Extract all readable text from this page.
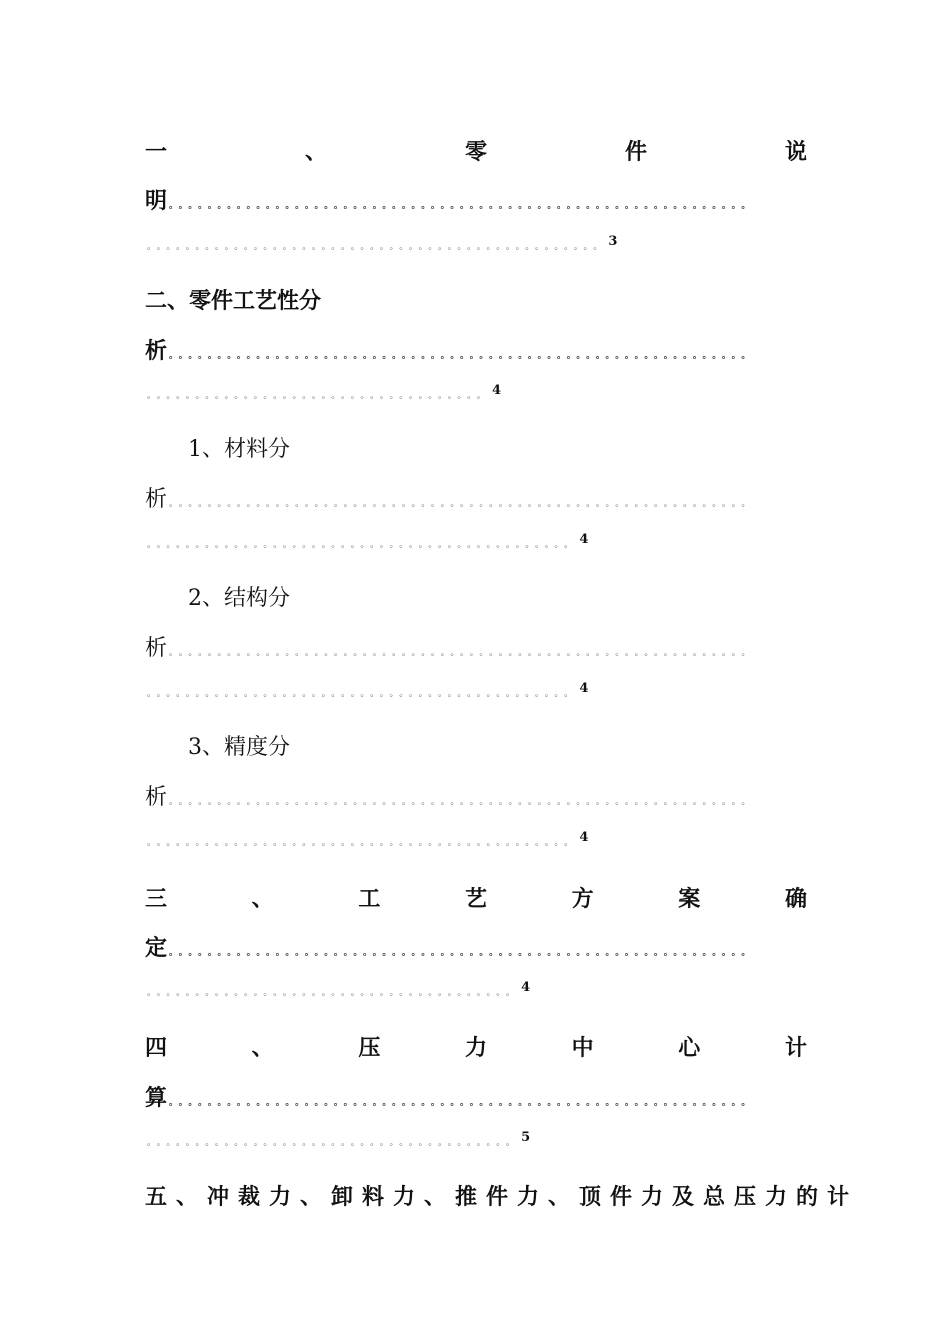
一	、	零	件	说
明 。。。。。。。。。。。。。。。。。。。。。。。。。。。。。。。。。。。。。。。。。。。。。。。。。。。。。。。。。。。。
。。。。。。。。。。。。。。。。。。。。。。。。。。。。。。。。。。。。。。。。。。。。。。。 3
二、零件工艺性分
析 。。。。。。。。。。。。。。。。。。。。。。。。。。。。。。。。。。。。。。。。。。。。。。。。。。。。。。。。。。。。
。。。。。。。。。。。。。。。。。。。。。。。。。。。。。。。。。。。 4
1、材料分
析 。。。。。。。。。。。。。。。。。。。。。。。。。。。。。。。。。。。。。。。。。。。。。。。。。。。。。。。。。。。。
。。。。。。。。。。。。。。。。。。。。。。。。。。。。。。。。。。。。。。。。。。。。 4
2、结构分
析 。。。。。。。。。。。。。。。。。。。。。。。。。。。。。。。。。。。。。。。。。。。。。。。。。。。。。。。。。。。。
。。。。。。。。。。。。。。。。。。。。。。。。。。。。。。。。。。。。。。。。。。。。 4
3、精度分
析 。。。。。。。。。。。。。。。。。。。。。。。。。。。。。。。。。。。。。。。。。。。。。。。。。。。。。。。。。。。。
。。。。。。。。。。。。。。。。。。。。。。。。。。。。。。。。。。。。。。。。。。。。 4
三	、	工	艺	方	案	确
定 。。。。。。。。。。。。。。。。。。。。。。。。。。。。。。。。。。。。。。。。。。。。。。。。。。。。。。。。。。。。
。。。。。。。。。。。。。。。。。。。。。。。。。。。。。。。。。。。。。。 4
四	、	压	力	中	心	计
算 。。。。。。。。。。。。。。。。。。。。。。。。。。。。。。。。。。。。。。。。。。。。。。。。。。。。。。。。。。。。
。。。。。。。。。。。。。。。。。。。。。。。。。。。。。。。。。。。。。。 5
五、冲裁力、卸料力、推件力、顶件力及总压力的计
